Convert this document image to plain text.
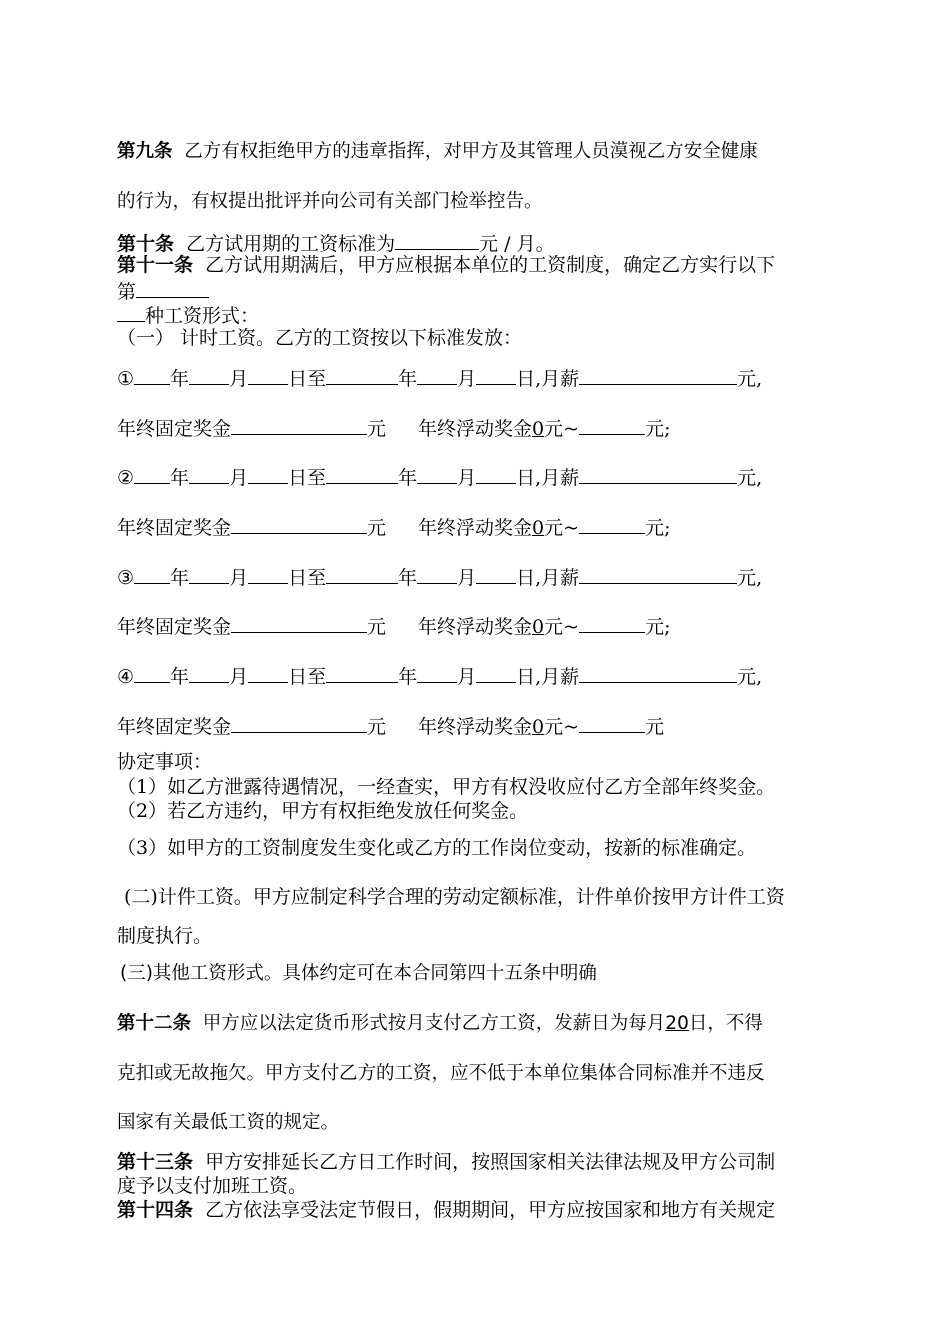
第九条 乙方有权拒绝甲方的违章指挥，对甲方及其管理人员漠视乙方安全健康
的行为，有权提出批评并向公司有关部门检举控告。
第十条 乙方试用期的工资标准为	元 / 月。
第十一条 乙方试用期满后，甲方应根据本单位的工资制度，确定乙方实行以下
第
种工资形式：
（一） 计时工资。乙方的工资按以下标准发放：
① 年 月 日至	年 月 日,月薪	元,
年终固定奖金	元 年终浮动奖金0元~	元;
② 年 月 日至	年 月 日,月薪	元,
年终固定奖金	元 年终浮动奖金0元~	元;
③ 年 月 日至	年 月 日,月薪	元,
年终固定奖金	元 年终浮动奖金0元~	元;
④ 年 月 日至	年 月 日,月薪	元,
年终固定奖金	元 年终浮动奖金0元~	元
协定事项：
（1）如乙方泄露待遇情况，一经查实，甲方有权没收应付乙方全部年终奖金。
（2）若乙方违约，甲方有权拒绝发放任何奖金。
（3）如甲方的工资制度发生变化或乙方的工作岗位变动，按新的标准确定。
(二)计件工资。甲方应制定科学合理的劳动定额标准，计件单价按甲方计件工资
制度执行。
(三)其他工资形式。具体约定可在本合同第四十五条中明确
第十二条 甲方应以法定货币形式按月支付乙方工资，发薪日为每月20日，不得
克扣或无故拖欠。甲方支付乙方的工资，应不低于本单位集体合同标准并不违反
国家有关最低工资的规定。
第十三条 甲方安排延长乙方日工作时间，按照国家相关法律法规及甲方公司制
度予以支付加班工资。
第十四条 乙方依法享受法定节假日，假期期间，甲方应按国家和地方有关规定
